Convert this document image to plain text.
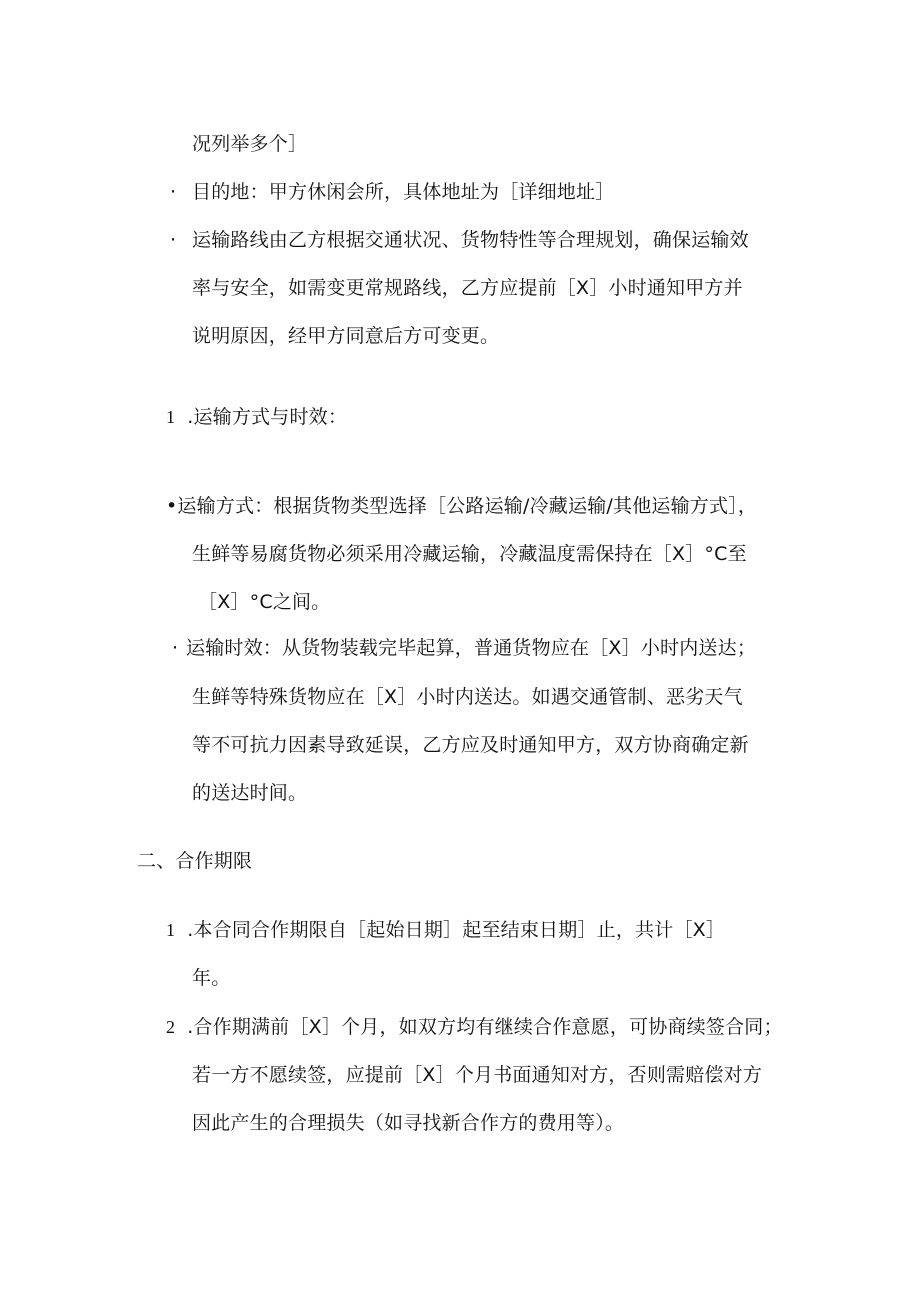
况列举多个］
· 目的地：甲方休闲会所，具体地址为［详细地址］
· 运输路线由乙方根据交通状况、货物特性等合理规划，确保运输效
率与安全，如需变更常规路线，乙方应提前［X］小时通知甲方并
说明原因，经甲方同意后方可变更。
1 .运输方式与时效：
•运输方式：根据货物类型选择［公路运输/冷藏运输/其他运输方式］，
生鲜等易腐货物必须采用冷藏运输，冷藏温度需保持在［X］°C至
［X］°C之间。
· 运输时效：从货物装载完毕起算，普通货物应在［X］小时内送达；
生鲜等特殊货物应在［X］小时内送达。如遇交通管制、恶劣天气
等不可抗力因素导致延误，乙方应及时通知甲方，双方协商确定新
的送达时间。
二、合作期限
1 .本合同合作期限自［起始日期］起至结束日期］止，共计［X］
年。
2 .合作期满前［X］个月，如双方均有继续合作意愿，可协商续签合同；
若一方不愿续签，应提前［X］个月书面通知对方，否则需赔偿对方
因此产生的合理损失（如寻找新合作方的费用等）。
